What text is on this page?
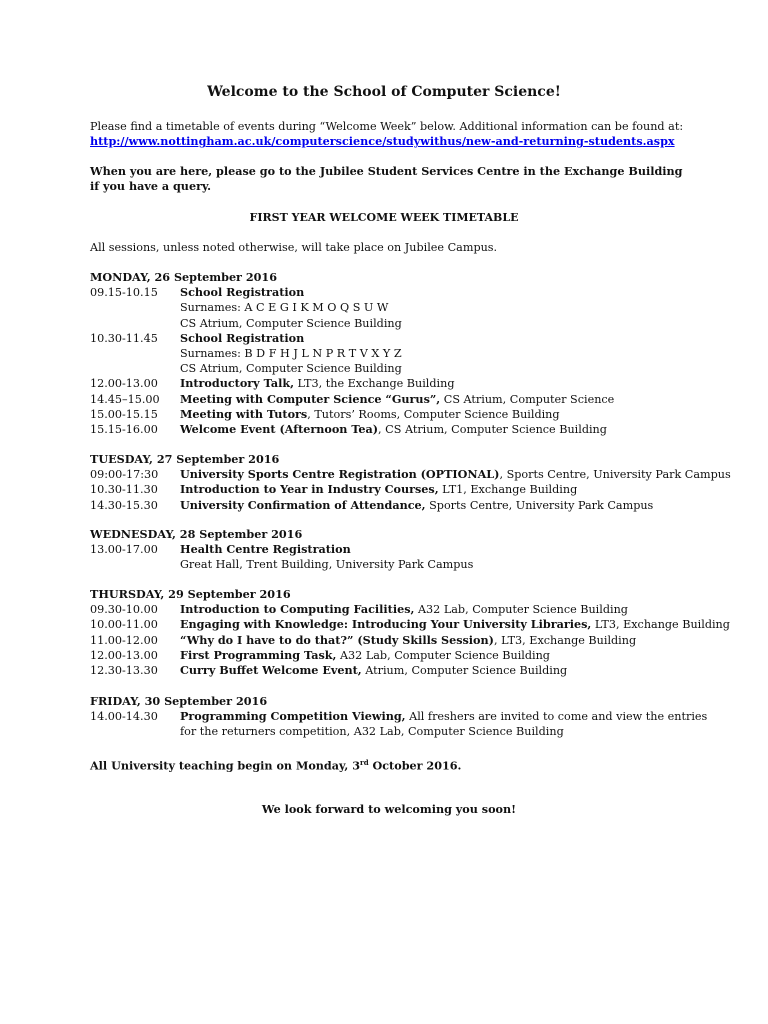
Welcome to the School of Computer Science!
Please find a timetable of events during “Welcome Week” below. Additional information can be found at:
http://www.nottingham.ac.uk/computerscience/studywithus/new-and-returning-students.aspx
When you are here, please go to the Jubilee Student Services Centre in the Exchange Building if you have a query.
FIRST YEAR WELCOME WEEK TIMETABLE
All sessions, unless noted otherwise, will take place on Jubilee Campus.
MONDAY, 26 September 2016
09.15-10.15	School Registration
Surnames: A C E G I K M O Q S U W
CS Atrium, Computer Science Building
10.30-11.45	School Registration
Surnames: B D F H J L N P R T V X Y Z
CS Atrium, Computer Science Building
12.00-13.00	Introductory Talk, LT3, the Exchange Building
14.45–15.00	Meeting with Computer Science “Gurus”, CS Atrium, Computer Science
15.00-15.15	Meeting with Tutors, Tutors’ Rooms, Computer Science Building
15.15-16.00	Welcome Event (Afternoon Tea), CS Atrium, Computer Science Building
TUESDAY, 27 September 2016
09:00-17:30	University Sports Centre Registration (OPTIONAL), Sports Centre, University Park Campus
10.30-11.30	Introduction to Year in Industry Courses, LT1, Exchange Building
14.30-15.30	University Confirmation of Attendance, Sports Centre, University Park Campus
WEDNESDAY, 28 September 2016
13.00-17.00	Health Centre Registration
Great Hall, Trent Building, University Park Campus
THURSDAY, 29 September 2016
09.30-10.00	Introduction to Computing Facilities, A32 Lab, Computer Science Building
10.00-11.00	Engaging with Knowledge: Introducing Your University Libraries, LT3, Exchange Building
11.00-12.00	“Why do I have to do that?” (Study Skills Session), LT3, Exchange Building
12.00-13.00	First Programming Task, A32 Lab, Computer Science Building
12.30-13.30	Curry Buffet Welcome Event, Atrium, Computer Science Building
FRIDAY, 30 September 2016
14.00-14.30	Programming Competition Viewing, All freshers are invited to come and view the entries
for the returners competition, A32 Lab, Computer Science Building
All University teaching begin on Monday, 3rd October 2016.
We look forward to welcoming you soon!
